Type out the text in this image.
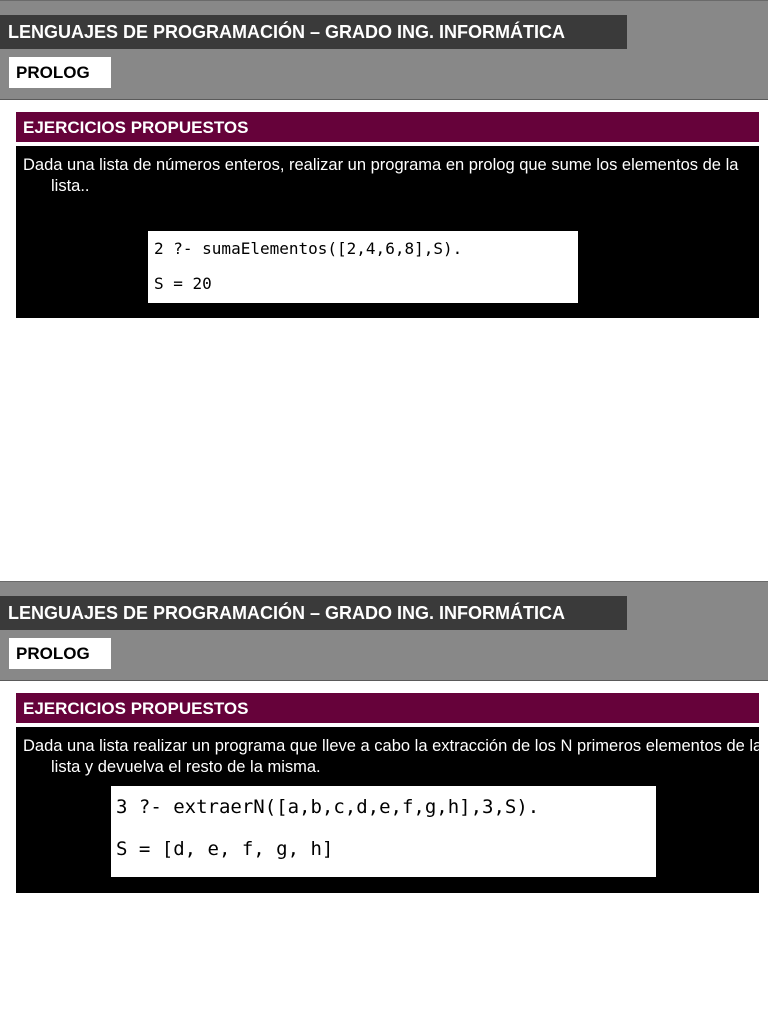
LENGUAJES DE PROGRAMACIÓN – GRADO ING. INFORMÁTICA
PROLOG
EJERCICIOS PROPUESTOS
Dada una lista de números enteros, realizar un programa en prolog que sume los elementos de la lista..
2 ?- sumaElementos([2,4,6,8],S).
S = 20
LENGUAJES DE PROGRAMACIÓN – GRADO ING. INFORMÁTICA
PROLOG
EJERCICIOS PROPUESTOS
Dada una lista realizar un programa que lleve a cabo la extracción de los N primeros elementos de la lista y devuelva el resto de la misma.
3 ?- extraerN([a,b,c,d,e,f,g,h],3,S).
S = [d, e, f, g, h]
